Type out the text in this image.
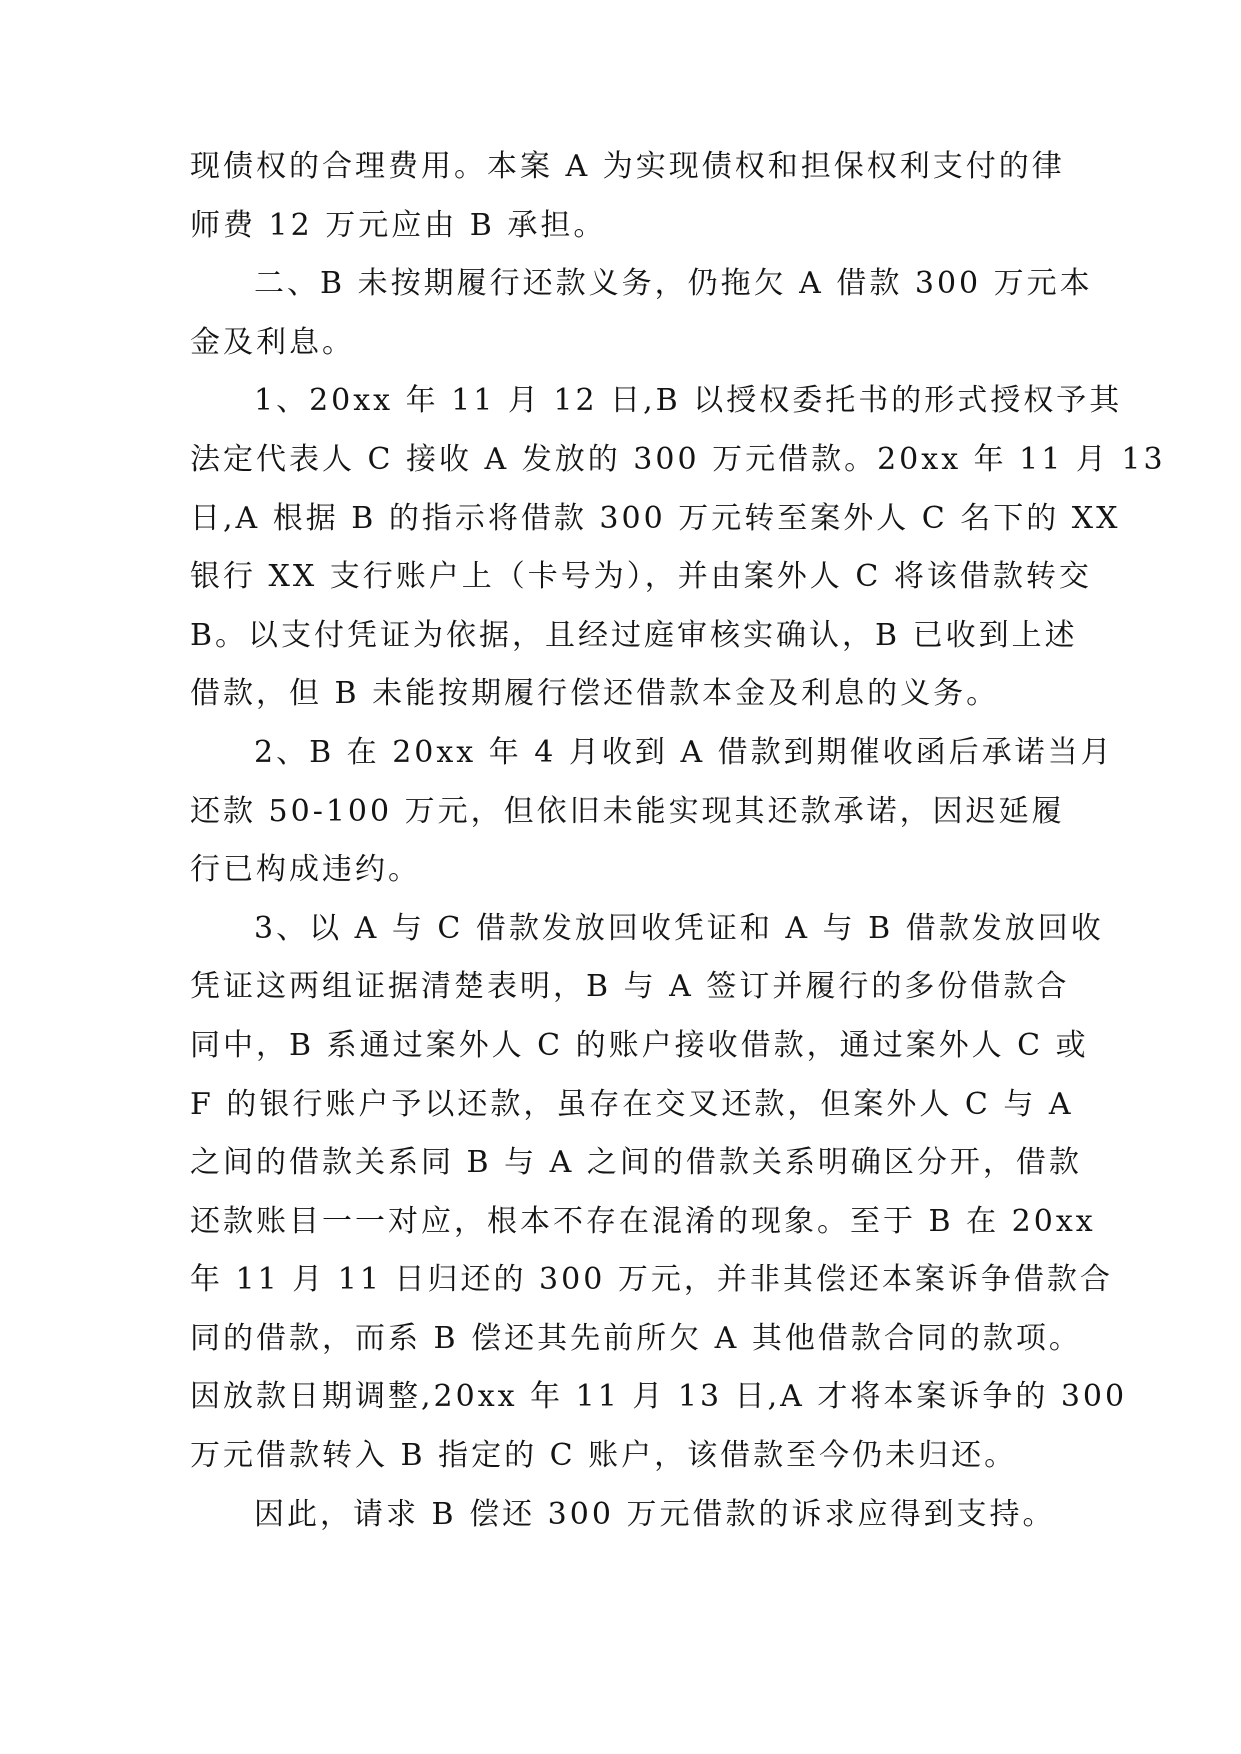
现债权的合理费用。本案 A 为实现债权和担保权利支付的律
师费 12 万元应由 B 承担。
二、B 未按期履行还款义务，仍拖欠 A 借款 300 万元本
金及利息。
1、20xx 年 11 月 12 日,B 以授权委托书的形式授权予其
法定代表人 C 接收 A 发放的 300 万元借款。20xx 年 11 月 13
日,A 根据 B 的指示将借款 300 万元转至案外人 C 名下的 XX
银行 XX 支行账户上（卡号为），并由案外人 C 将该借款转交
B。以支付凭证为依据，且经过庭审核实确认，B 已收到上述
借款，但 B 未能按期履行偿还借款本金及利息的义务。
2、B 在 20xx 年 4 月收到 A 借款到期催收函后承诺当月
还款 50-100 万元，但依旧未能实现其还款承诺，因迟延履
行已构成违约。
3、以 A 与 C 借款发放回收凭证和 A 与 B 借款发放回收
凭证这两组证据清楚表明，B 与 A 签订并履行的多份借款合
同中，B 系通过案外人 C 的账户接收借款，通过案外人 C 或
F 的银行账户予以还款，虽存在交叉还款，但案外人 C 与 A
之间的借款关系同 B 与 A 之间的借款关系明确区分开，借款
还款账目一一对应，根本不存在混淆的现象。至于 B 在 20xx
年 11 月 11 日归还的 300 万元，并非其偿还本案诉争借款合
同的借款，而系 B 偿还其先前所欠 A 其他借款合同的款项。
因放款日期调整,20xx 年 11 月 13 日,A 才将本案诉争的 300
万元借款转入 B 指定的 C 账户，该借款至今仍未归还。
因此，请求 B 偿还 300 万元借款的诉求应得到支持。
